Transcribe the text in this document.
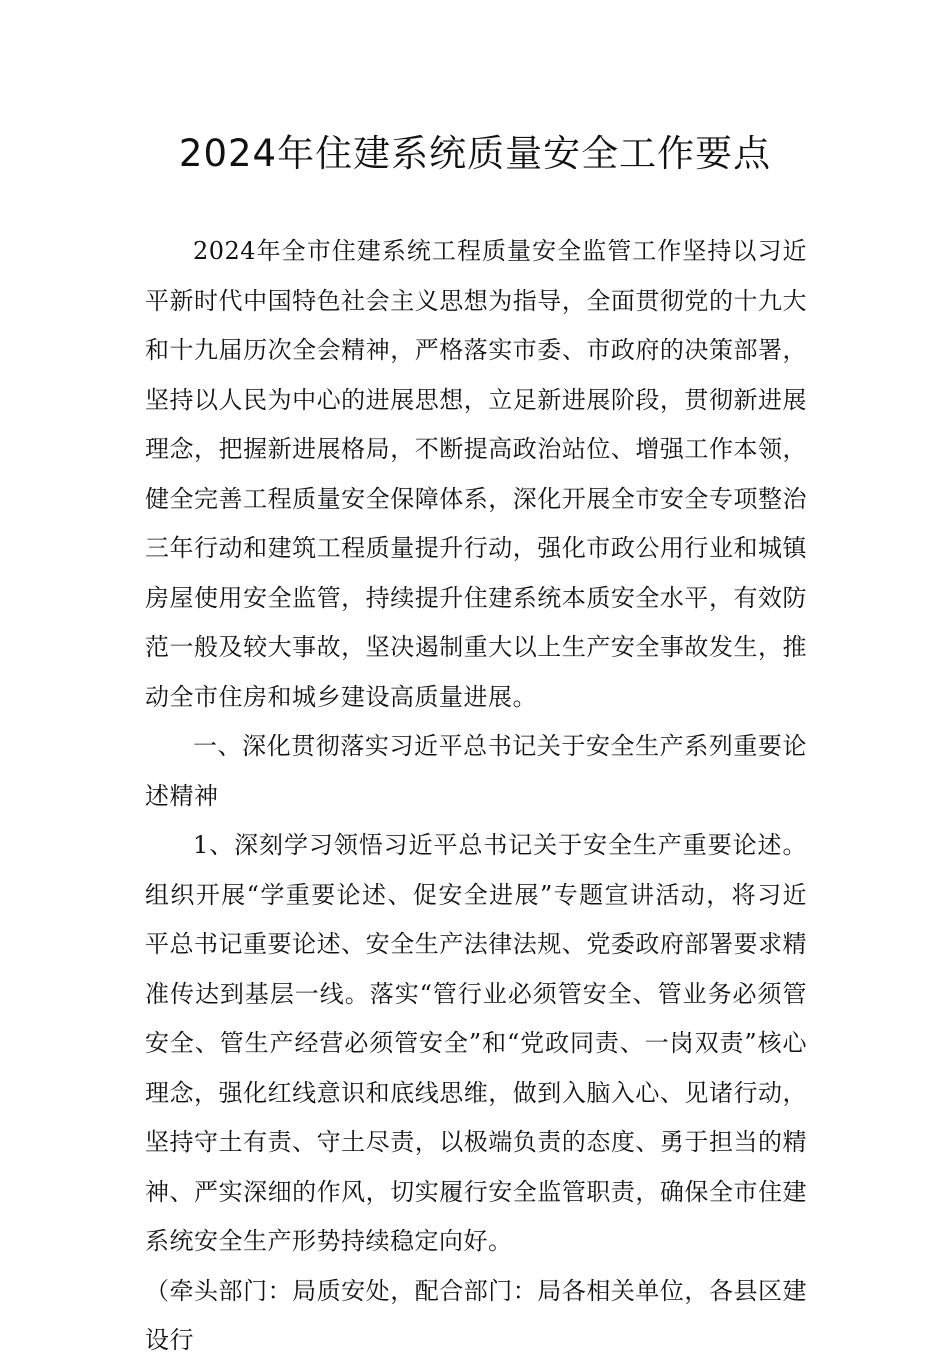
2024年住建系统质量安全工作要点

2024年全市住建系统工程质量安全监管工作坚持以习近平新时代中国特色社会主义思想为指导，全面贯彻党的十九大和十九届历次全会精神，严格落实市委、市政府的决策部署，坚持以人民为中心的进展思想，立足新进展阶段，贯彻新进展理念，把握新进展格局，不断提高政治站位、增强工作本领，健全完善工程质量安全保障体系，深化开展全市安全专项整治三年行动和建筑工程质量提升行动，强化市政公用行业和城镇房屋使用安全监管，持续提升住建系统本质安全水平，有效防范一般及较大事故，坚决遏制重大以上生产安全事故发生，推动全市住房和城乡建设高质量进展。

一、深化贯彻落实习近平总书记关于安全生产系列重要论述精神

1、深刻学习领悟习近平总书记关于安全生产重要论述。组织开展“学重要论述、促安全进展”专题宣讲活动，将习近平总书记重要论述、安全生产法律法规、党委政府部署要求精准传达到基层一线。落实“管行业必须管安全、管业务必须管安全、管生产经营必须管安全”和“党政同责、一岗双责”核心理念，强化红线意识和底线思维，做到入脑入心、见诸行动，坚持守土有责、守土尽责，以极端负责的态度、勇于担当的精神、严实深细的作风，切实履行安全监管职责，确保全市住建系统安全生产形势持续稳定向好。

（牵头部门：局质安处，配合部门：局各相关单位，各县区建设行
